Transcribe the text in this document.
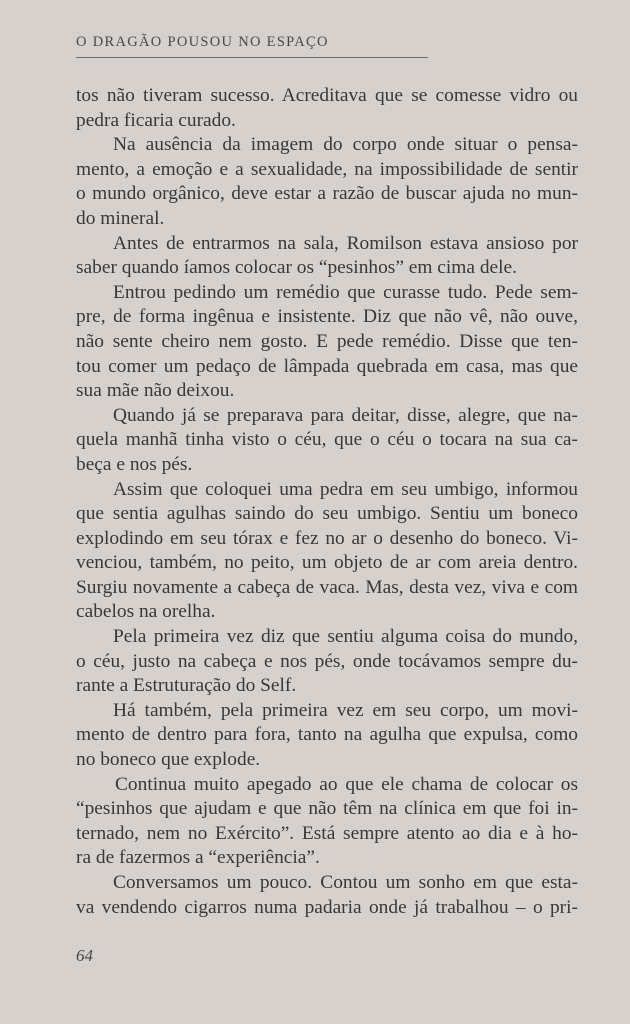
O DRAGÃO POUSOU NO ESPAÇO
tos não tiveram sucesso. Acreditava que se comesse vidro ou
pedra ficaria curado.
Na ausência da imagem do corpo onde situar o pensa-
mento, a emoção e a sexualidade, na impossibilidade de sentir
o mundo orgânico, deve estar a razão de buscar ajuda no mun-
do mineral.
Antes de entrarmos na sala, Romilson estava ansioso por
saber quando íamos colocar os “pesinhos” em cima dele.
Entrou pedindo um remédio que curasse tudo. Pede sem-
pre, de forma ingênua e insistente. Diz que não vê, não ouve,
não sente cheiro nem gosto. E pede remédio. Disse que ten-
tou comer um pedaço de lâmpada quebrada em casa, mas que
sua mãe não deixou.
Quando já se preparava para deitar, disse, alegre, que na-
quela manhã tinha visto o céu, que o céu o tocara na sua ca-
beça e nos pés.
Assim que coloquei uma pedra em seu umbigo, informou
que sentia agulhas saindo do seu umbigo. Sentiu um boneco
explodindo em seu tórax e fez no ar o desenho do boneco. Vi-
venciou, também, no peito, um objeto de ar com areia dentro.
Surgiu novamente a cabeça de vaca. Mas, desta vez, viva e com
cabelos na orelha.
Pela primeira vez diz que sentiu alguma coisa do mundo,
o céu, justo na cabeça e nos pés, onde tocávamos sempre du-
rante a Estruturação do Self.
Há também, pela primeira vez em seu corpo, um movi-
mento de dentro para fora, tanto na agulha que expulsa, como
no boneco que explode.
Continua muito apegado ao que ele chama de colocar os
“pesinhos que ajudam e que não têm na clínica em que foi in-
ternado, nem no Exército”. Está sempre atento ao dia e à ho-
ra de fazermos a “experiência”.
Conversamos um pouco. Contou um sonho em que esta-
va vendendo cigarros numa padaria onde já trabalhou – o pri-
64
